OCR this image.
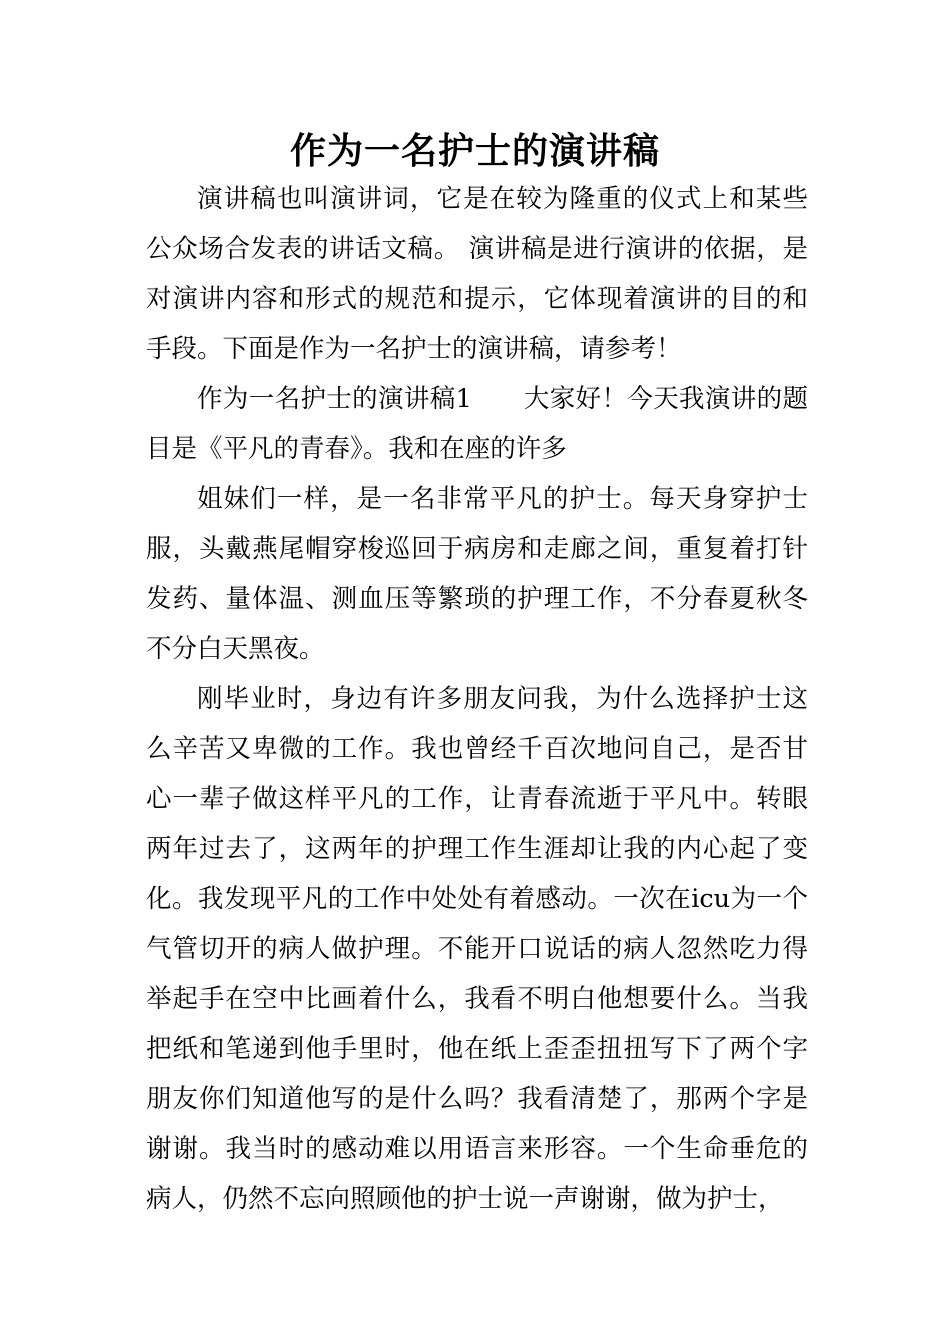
作为一名护士的演讲稿

演讲稿也叫演讲词，它是在较为隆重的仪式上和某些公众场合发表的讲话文稿。 演讲稿是进行演讲的依据，是对演讲内容和形式的规范和提示，它体现着演讲的目的和手段。下面是作为一名护士的演讲稿，请参考！

作为一名护士的演讲稿1　　大家好！今天我演讲的题目是《平凡的青春》。我和在座的许多

姐妹们一样，是一名非常平凡的护士。每天身穿护士服，头戴燕尾帽穿梭巡回于病房和走廊之间，重复着打针发药、量体温、测血压等繁琐的护理工作，不分春夏秋冬不分白天黑夜。

刚毕业时，身边有许多朋友问我，为什么选择护士这么辛苦又卑微的工作。我也曾经千百次地问自己，是否甘心一辈子做这样平凡的工作，让青春流逝于平凡中。转眼两年过去了，这两年的护理工作生涯却让我的内心起了变化。我发现平凡的工作中处处有着感动。一次在icu为一个气管切开的病人做护理。不能开口说话的病人忽然吃力得举起手在空中比画着什么，我看不明白他想要什么。当我把纸和笔递到他手里时，他在纸上歪歪扭扭写下了两个字朋友你们知道他写的是什么吗？我看清楚了，那两个字是谢谢。我当时的感动难以用语言来形容。一个生命垂危的病人，仍然不忘向照顾他的护士说一声谢谢，做为护士，
